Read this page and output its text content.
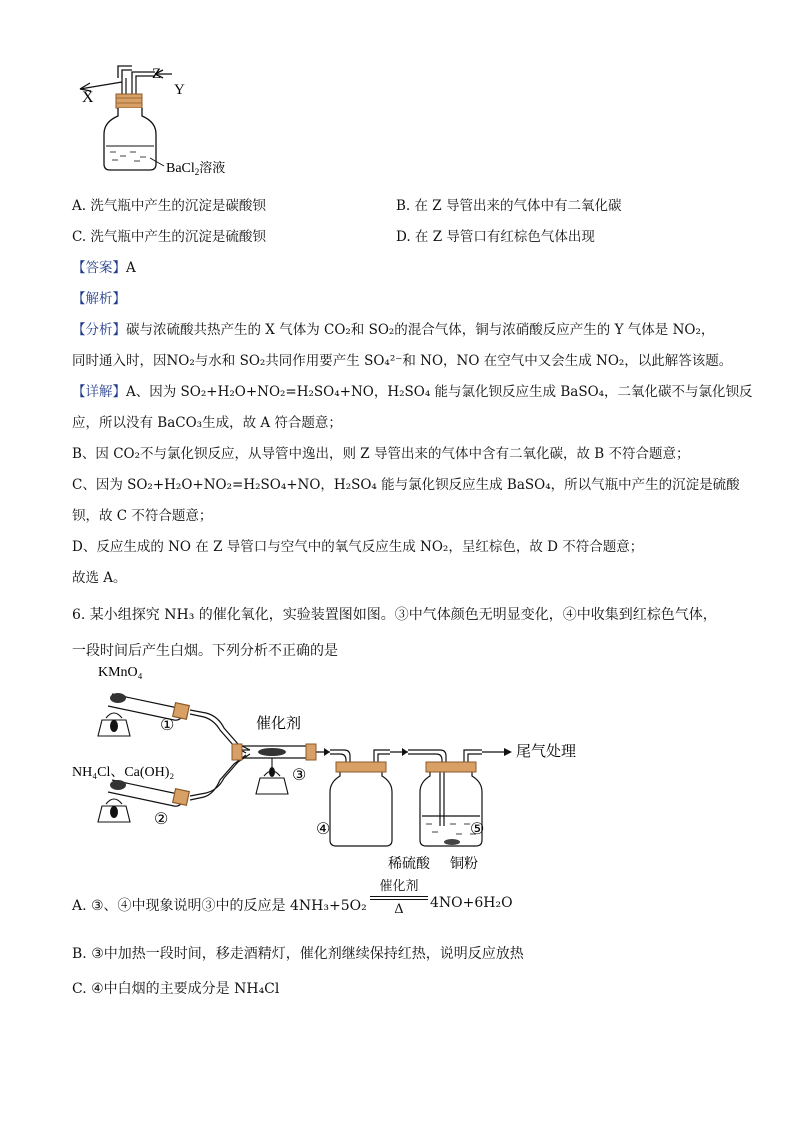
X
Z
Y
BaCl$_2$溶液
A. 洗气瓶中产生的沉淀是碳酸钡	B. 在 Z 导管出来的气体中有二氧化碳
C. 洗气瓶中产生的沉淀是硫酸钡	D. 在 Z 导管口有红棕色气体出现
【答案】A
【解析】
【分析】碳与浓硫酸共热产生的 X 气体为 CO₂和 SO₂的混合气体，铜与浓硝酸反应产生的 Y 气体是 NO₂，
同时通入时，因NO₂与水和 SO₂共同作用要产生 SO₄²⁻和 NO，NO 在空气中又会生成 NO₂，以此解答该题。
【详解】A、因为 SO₂+H₂O+NO₂=H₂SO₄+NO，H₂SO₄ 能与氯化钡反应生成 BaSO₄，二氧化碳不与氯化钡反
应，所以没有 BaCO₃生成，故 A 符合题意；
B、因 CO₂不与氯化钡反应，从导管中逸出，则 Z 导管出来的气体中含有二氧化碳，故 B 不符合题意；
C、因为 SO₂+H₂O+NO₂=H₂SO₄+NO，H₂SO₄ 能与氯化钡反应生成 BaSO₄，所以气瓶中产生的沉淀是硫酸
钡，故 C 不符合题意；
D、反应生成的 NO 在 Z 导管口与空气中的氧气反应生成 NO₂，呈红棕色，故 D 不符合题意；
故选 A。
6. 某小组探究 NH₃ 的催化氧化，实验装置图如图。③中气体颜色无明显变化，④中收集到红棕色气体，
一段时间后产生白烟。下列分析不正确的是
KMnO₄
NH₄Cl、Ca(OH)₂
催化剂
尾气处理
①
②
③
④	⑤
稀硫酸 铜粉
A. ③、④中现象说明③中的反应是 4NH₃+5O₂
催化剂
Δ	4NO+6H₂O
B. ③中加热一段时间，移走酒精灯，催化剂继续保持红热，说明反应放热
C. ④中白烟的主要成分是 NH₄Cl
